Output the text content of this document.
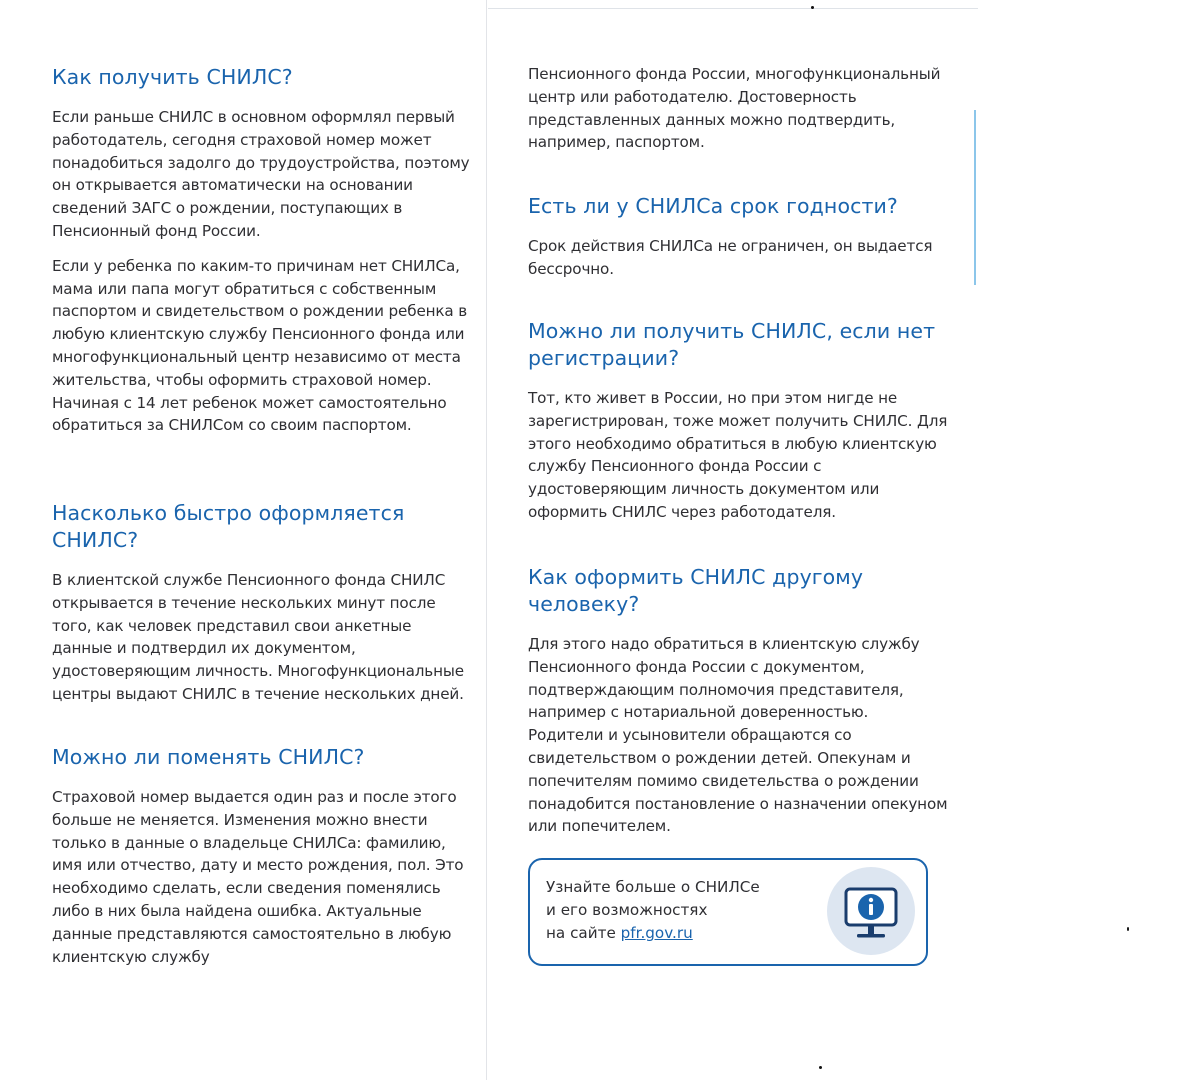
Как получить СНИЛС?

Если раньше СНИЛС в основном оформлял первый работодатель, сегодня страховой номер может понадобиться задолго до трудоустройства, поэтому он открывается автоматически на основании сведений ЗАГС о рождении, поступающих в Пенсионный фонд России.

Если у ребенка по каким-то причинам нет СНИЛСа, мама или папа могут обратиться с собственным паспортом и свидетельством о рождении ребенка в любую клиентскую службу Пенсионного фонда или многофункциональный центр независимо от места жительства, чтобы оформить страховой номер. Начиная с 14 лет ребенок может самостоятельно обратиться за СНИЛСом со своим паспортом.

Насколько быстро оформляется СНИЛС?

В клиентской службе Пенсионного фонда СНИЛС открывается в течение нескольких минут после того, как человек представил свои анкетные данные и подтвердил их документом, удостоверяющим личность. Многофункциональные центры выдают СНИЛС в течение нескольких дней.

Можно ли поменять СНИЛС?

Страховой номер выдается один раз и после этого больше не меняется. Изменения можно внести только в данные о владельце СНИЛСа: фамилию, имя или отчество, дату и место рождения, пол. Это необходимо сделать, если сведения поменялись либо в них была найдена ошибка. Актуальные данные представляются самостоятельно в любую клиентскую службу

Пенсионного фонда России, многофункциональный центр или работодателю. Достоверность представленных данных можно подтвердить, например, паспортом.

Есть ли у СНИЛСа срок годности?

Срок действия СНИЛСа не ограничен, он выдается бессрочно.

Можно ли получить СНИЛС, если нет регистрации?

Тот, кто живет в России, но при этом нигде не зарегистрирован, тоже может получить СНИЛС. Для этого необходимо обратиться в любую клиентскую службу Пенсионного фонда России с удостоверяющим личность документом или оформить СНИЛС через работодателя.

Как оформить СНИЛС другому человеку?

Для этого надо обратиться в клиентскую службу Пенсионного фонда России с документом, подтверждающим полномочия представителя, например с нотариальной доверенностью. Родители и усыновители обращаются со свидетельством о рождении детей. Опекунам и попечителям помимо свидетельства о рождении понадобится постановление о назначении опекуном или попечителем.

Узнайте больше о СНИЛСе
и его возможностях
на сайте pfr.gov.ru
